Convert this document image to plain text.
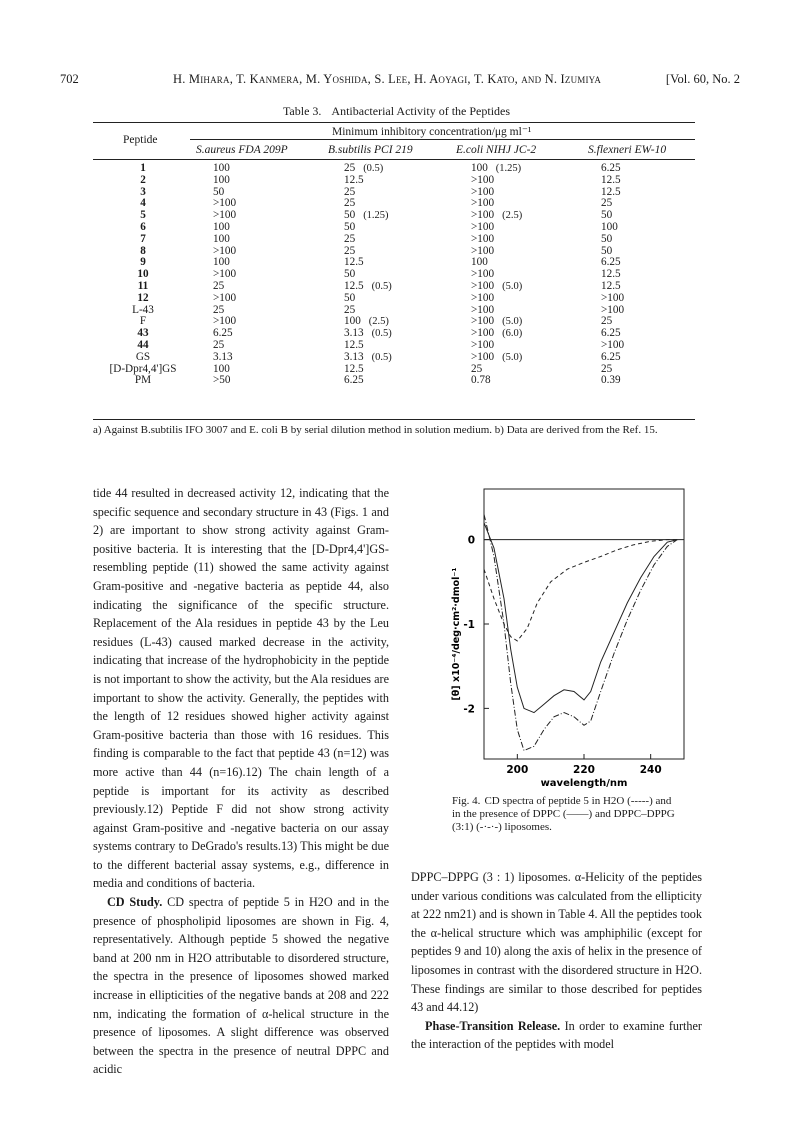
702	H. Mihara, T. Kanmera, M. Yoshida, S. Lee, H. Aoyagi, T. Kato, and N. Izumiya	[Vol. 60, No. 2
Table 3. Antibacterial Activity of the Peptides
Peptide
Minimum inhibitory concentration/μg ml⁻¹
S.aureus FDA 209P	B.subtilis PCI 219	E.coli NIHJ JC-2	S.flexneri EW-10
1	100	25 (0.5)	100 (1.25)	6.25
2	100	12.5	>100	12.5
3	50	25	>100	12.5
4	>100	25	>100	25
5	>100	50 (1.25)	>100 (2.5)	50
6	100	50	>100	100
7	100	25	>100	50
8	>100	25	>100	50
9	100	12.5	100	6.25
10	>100	50	>100	12.5
11	25	12.5 (0.5)	>100 (5.0)	12.5
12	>100	50	>100	>100
L-43	25	25	>100	>100
F	>100	100 (2.5)	>100 (5.0)	25
43	6.25	3.13 (0.5)	>100 (6.0)	6.25
44	25	12.5	>100	>100
GS	3.13	3.13 (0.5)	>100 (5.0)	6.25
[D-Dpr4,4']GS	100	12.5	25	25
PM	>50	6.25	0.78	0.39
a) Against B.subtilis IFO 3007 and E. coli B by serial dilution method in solution medium. b) Data are derived from the Ref. 15.

tide 44 resulted in decreased activity 12, indicating that the specific sequence and secondary structure in 43 (Figs. 1 and 2) are important to show strong activity against Gram-positive bacteria. It is interesting that the [D-Dpr4,4']GS-resembling peptide (11) showed the same activity against Gram-positive and -negative bacteria as peptide 44, also indicating the significance of the specific structure. Replacement of the Ala residues in peptide 43 by the Leu residues (L-43) caused marked decrease in the activity, indicating that increase of the hydrophobicity in the peptide is not important to show the activity, but the Ala residues are important to show the activity. Generally, the peptides with the length of 12 residues showed higher activity against Gram-positive bacteria than those with 16 residues. This finding is comparable to the fact that peptide 43 (n=12) was more active than 44 (n=16).12) The chain length of a peptide is important for its activity as described previously.12) Peptide F did not show strong activity against Gram-positive and -negative bacteria on our assay systems contrary to DeGrado's results.13) This might be due to the different bacterial assay systems, e.g., difference in media and conditions of bacteria.

CD Study. CD spectra of peptide 5 in H2O and in the presence of phospholipid liposomes are shown in Fig. 4, representatively. Although peptide 5 showed the negative band at 200 nm in H2O attributable to disordered structure, the spectra in the presence of liposomes showed marked increase in ellipticities of the negative bands at 208 and 222 nm, indicating the formation of α-helical structure in the presence of liposomes. A slight difference was observed between the spectra in the presence of neutral DPPC and acidic

200	220	240
0
-1
-2
wavelength/nm
[θ] x10⁻⁴/deg·cm²·dmol⁻¹
Fig. 4. CD spectra of peptide 5 in H2O (-----) and in the presence of DPPC (——) and DPPC–DPPG (3:1) (-·-·-) liposomes.

DPPC–DPPG (3 : 1) liposomes. α-Helicity of the peptides under various conditions was calculated from the ellipticity at 222 nm21) and is shown in Table 4. All the peptides took the α-helical structure which was amphiphilic (except for peptides 9 and 10) along the axis of helix in the presence of liposomes in contrast with the disordered structure in H2O. These findings are similar to those described for peptides 43 and 44.12)

Phase-Transition Release. In order to examine further the interaction of the peptides with model
